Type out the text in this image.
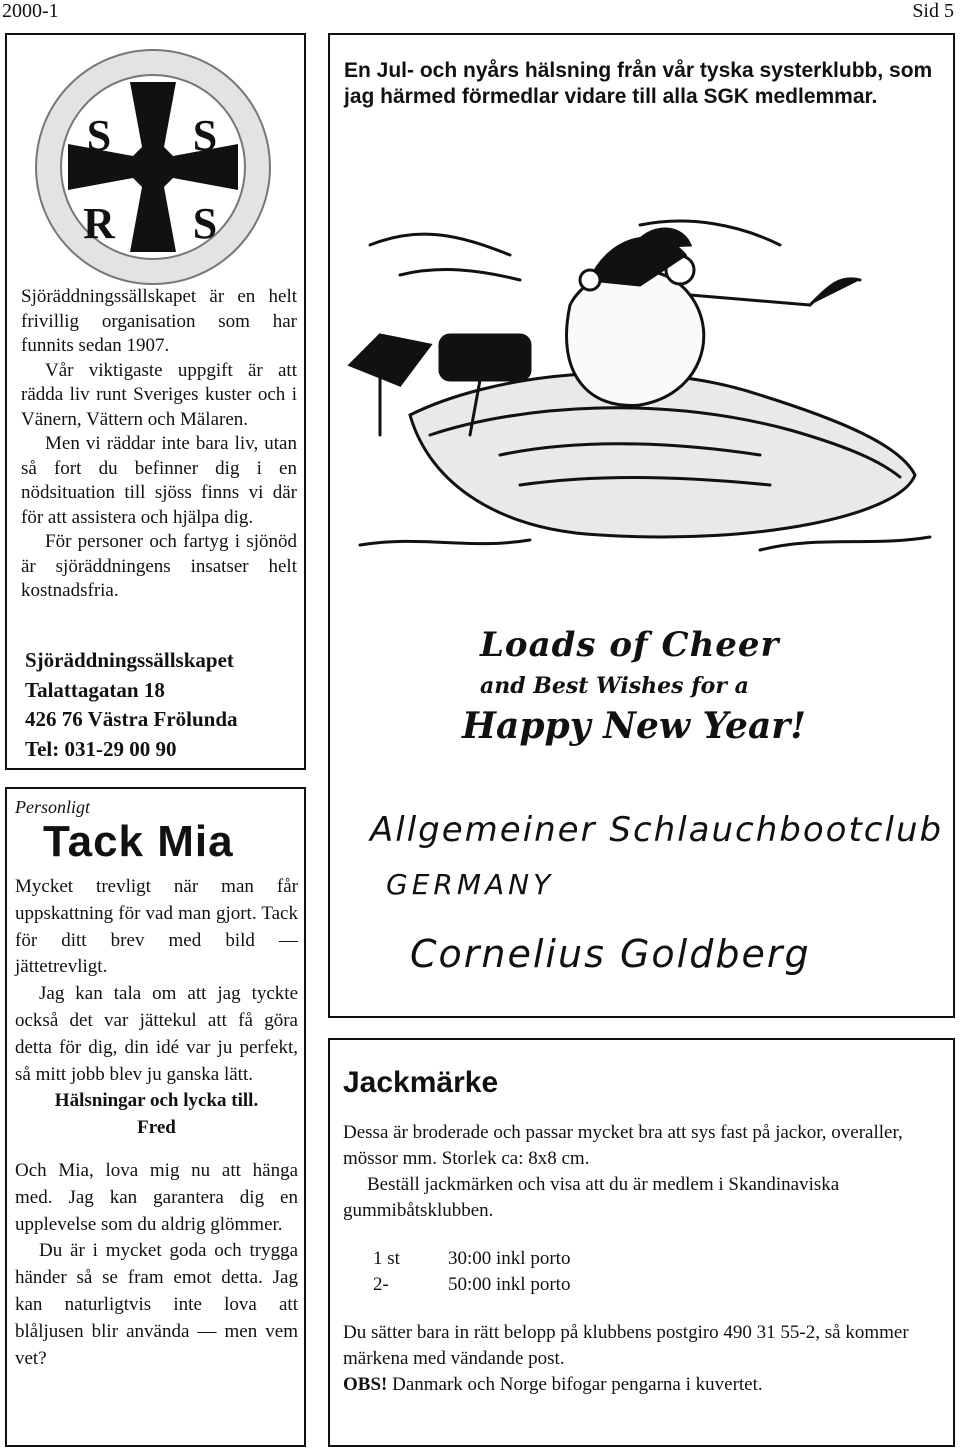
2000-1	Sid 5
S S
R S

Sjöräddningssällskapet är en helt frivillig organisation som har funnits sedan 1907.

Vår viktigaste uppgift är att rädda liv runt Sveriges kuster och i Vänern, Vättern och Mälaren.

Men vi räddar inte bara liv, utan så fort du befinner dig i en nödsituation till sjöss finns vi där för att assistera och hjälpa dig.

För personer och fartyg i sjönöd är sjöräddningens insatser helt kostnadsfria.

Sjöräddningssällskapet
Talattagatan 18
426 76 Västra Frölunda
Tel: 031-29 00 90
En Jul- och nyårs hälsning från vår tyska systerklubb, som jag härmed förmedlar vidare till alla SGK medlemmar.
Loads of Cheer
and Best Wishes for a
Happy New Year!
Allgemeiner Schlauchbootclub
GERMANY
Cornelius Goldberg
Personligt
Tack Mia

Mycket trevligt när man får uppskattning för vad man gjort. Tack för ditt brev med bild — jättetrevligt.

Jag kan tala om att jag tyckte också det var jättekul att få göra detta för dig, din idé var ju perfekt, så mitt jobb blev ju ganska lätt.

Hälsningar och lycka till.

Fred

Och Mia, lova mig nu att hänga med. Jag kan garantera dig en upplevelse som du aldrig glömmer.

Du är i mycket goda och trygga händer så se fram emot detta. Jag kan naturligtvis inte lova att blåljusen blir använda — men vem vet?

Jackmärke

Dessa är broderade och passar mycket bra att sys fast på jackor, overaller, mössor mm. Storlek ca: 8x8 cm.

Beställ jackmärken och visa att du är medlem i Skandinaviska gummibåtsklubben.

1 st	30:00 inkl porto
2-	50:00 inkl porto

Du sätter bara in rätt belopp på klubbens postgiro 490 31 55-2, så kommer märkena med vändande post.

OBS! Danmark och Norge bifogar pengarna i kuvertet.
